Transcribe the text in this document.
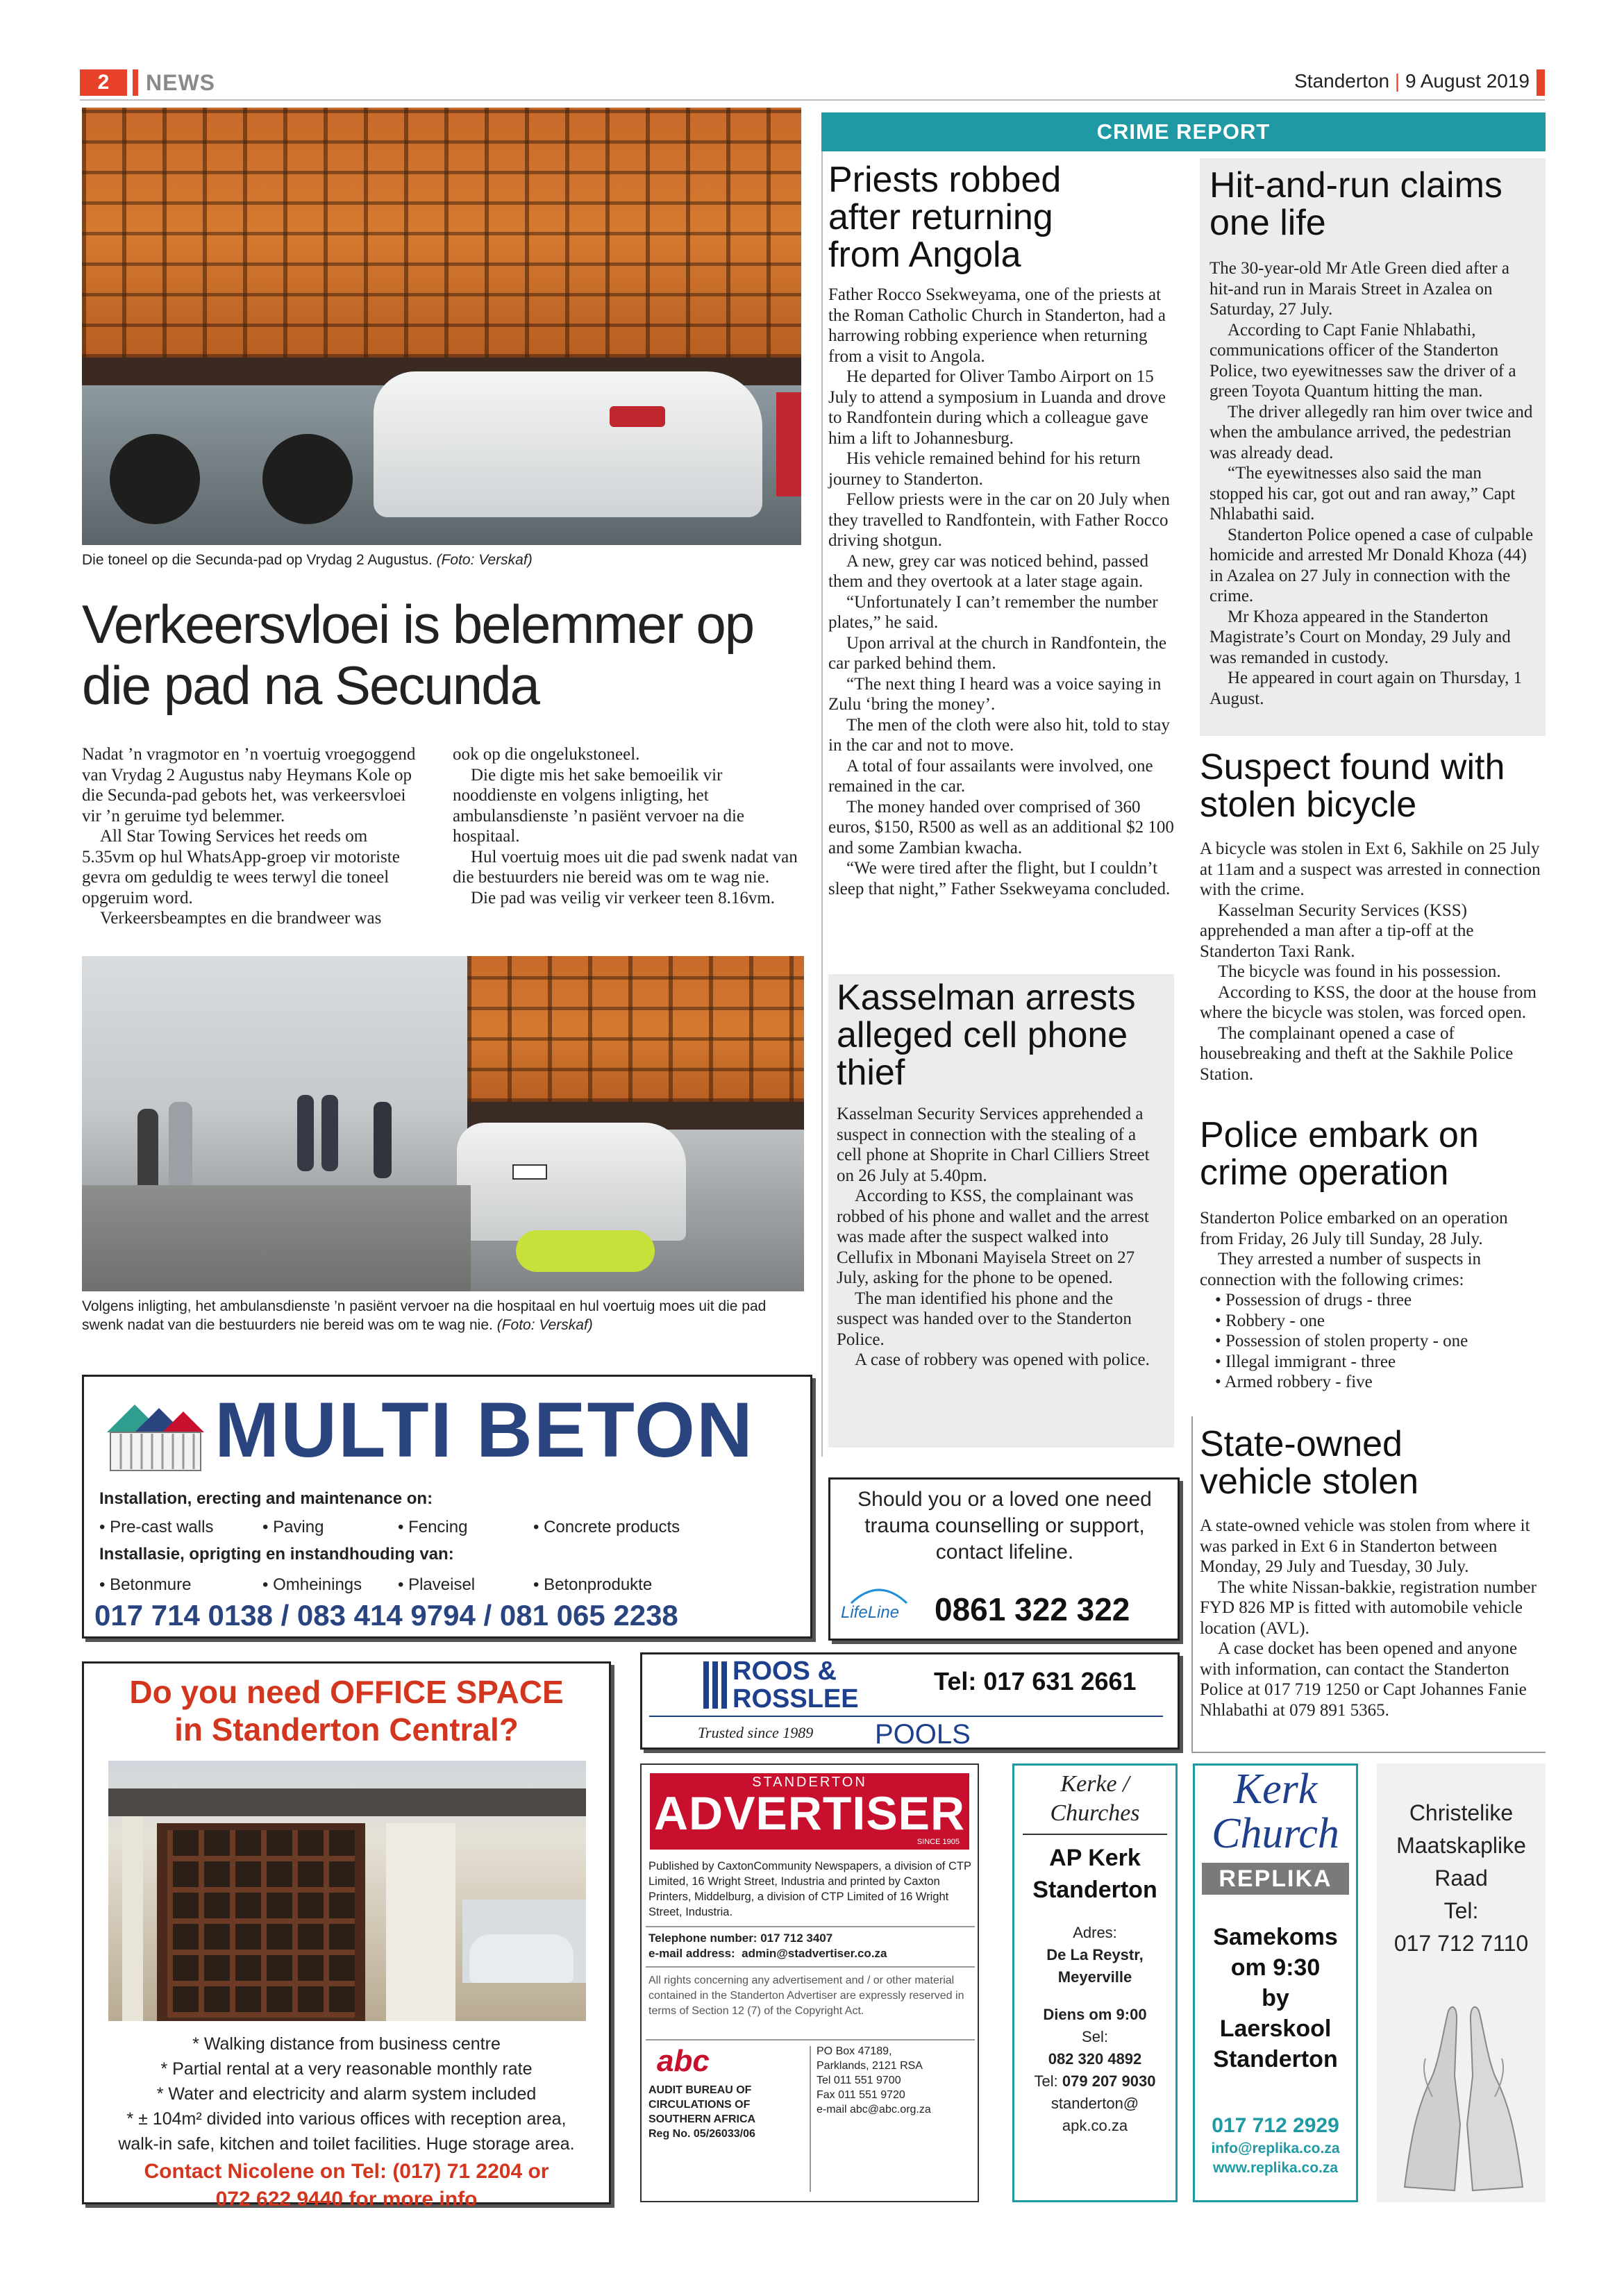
2	NEWS	Standerton | 9 August 2019
Die toneel op die Secunda-pad op Vrydag 2 Augustus. (Foto: Verskaf)
Verkeersvloei is belemmer op
die pad na Secunda

Nadat ’n vragmotor en ’n voertuig vroegoggend van Vrydag 2 Augustus naby Heymans Kole op die Secunda-pad gebots het, was verkeersvloei vir ’n geruime tyd belemmer.

All Star Towing Services het reeds om 5.35vm op hul WhatsApp-groep vir motoriste gevra om geduldig te wees terwyl die toneel opgeruim word.

Verkeersbeamptes en die brandweer was

ook op die ongelukstoneel.

Die digte mis het sake bemoeilik vir nooddienste en volgens inligting, het ambulansdienste ’n pasiënt vervoer na die hospitaal.

Hul voertuig moes uit die pad swenk nadat van die bestuurders nie bereid was om te wag nie.

Die pad was veilig vir verkeer teen 8.16vm.

Volgens inligting, het ambulansdienste ’n pasiënt vervoer na die hospitaal en hul voertuig moes uit die pad swenk nadat van die bestuurders nie bereid was om te wag nie. (Foto: Verskaf)
CRIME REPORT
Priests robbed
after returning
from Angola

Father Rocco Ssekweyama, one of the priests at the Roman Catholic Church in Standerton, had a harrowing robbing experience when returning from a visit to Angola.

He departed for Oliver Tambo Airport on 15 July to attend a symposium in Luanda and drove to Randfontein during which a colleague gave him a lift to Johannesburg.

His vehicle remained behind for his return journey to Standerton.

Fellow priests were in the car on 20 July when they travelled to Randfontein, with Father Rocco driving shotgun.

A new, grey car was noticed behind, passed them and they overtook at a later stage again.

“Unfortunately I can’t remember the number plates,” he said.

Upon arrival at the church in Randfontein, the car parked behind them.

“The next thing I heard was a voice saying in Zulu ‘bring the money’.

The men of the cloth were also hit, told to stay in the car and not to move.

A total of four assailants were involved, one remained in the car.

The money handed over comprised of 360 euros, $150, R500 as well as an additional $2 100 and some Zambian kwacha.

“We were tired after the flight, but I couldn’t sleep that night,” Father Ssekweyama concluded.

Hit-and-run claims
one life

The 30-year-old Mr Atle Green died after a hit-and run in Marais Street in Azalea on Saturday, 27 July.

According to Capt Fanie Nhlabathi, communications officer of the Standerton Police, two eyewitnesses saw the driver of a green Toyota Quantum hitting the man.

The driver allegedly ran him over twice and when the ambulance arrived, the pedestrian was already dead.

“The eyewitnesses also said the man stopped his car, got out and ran away,” Capt Nhlabathi said.

Standerton Police opened a case of culpable homicide and arrested Mr Donald Khoza (44) in Azalea on 27 July in connection with the crime.

Mr Khoza appeared in the Standerton Magistrate’s Court on Monday, 29 July and was remanded in custody.

He appeared in court again on Thursday, 1 August.

Suspect found with
stolen bicycle

A bicycle was stolen in Ext 6, Sakhile on 25 July at 11am and a suspect was arrested in connection with the crime.

Kasselman Security Services (KSS) apprehended a man after a tip-off at the Standerton Taxi Rank.

The bicycle was found in his possession.

According to KSS, the door at the house from where the bicycle was stolen, was forced open.

The complainant opened a case of housebreaking and theft at the Sakhile Police Station.

Kasselman arrests
alleged cell phone
thief

Kasselman Security Services apprehended a suspect in connection with the stealing of a cell phone at Shoprite in Charl Cilliers Street on 26 July at 5.40pm.

According to KSS, the complainant was robbed of his phone and wallet and the arrest was made after the suspect walked into Cellufix in Mbonani Mayisela Street on 27 July, asking for the phone to be opened.

The man identified his phone and the suspect was handed over to the Standerton Police.

A case of robbery was opened with police.

Police embark on
crime operation

Standerton Police embarked on an operation from Friday, 26 July till Sunday, 28 July.

They arrested a number of suspects in connection with the following crimes:

• Possession of drugs - three
• Robbery - one
• Possession of stolen property - one
• Illegal immigrant - three
• Armed robbery - five
State-owned
vehicle stolen

A state-owned vehicle was stolen from where it was parked in Ext 6 in Standerton between Monday, 29 July and Tuesday, 30 July.

The white Nissan-bakkie, registration number FYD 826 MP is fitted with automobile vehicle location (AVL).

A case docket has been opened and anyone with information, can contact the Standerton Police at 017 719 1250 or Capt Johannes Fanie Nhlabathi at 079 891 5365.

MULTI BETON
Installation, erecting and maintenance on:
• Pre-cast walls	• Paving	• Fencing	• Concrete products
Installasie, oprigting en instandhouding van:
• Betonmure	• Omheinings • Plaveisel	• Betonprodukte
017 714 0138 / 083 414 9794 / 081 065 2238
Should you or a loved one need trauma counselling or support, contact lifeline.
LifeLine 0861 322 322
Do you need OFFICE SPACE
in Standerton Central?
* Walking distance from business centre
* Partial rental at a very reasonable monthly rate
* Water and electricity and alarm system included
* ± 104m² divided into various offices with reception area,
walk-in safe, kitchen and toilet facilities. Huge storage area.
Contact Nicolene on Tel: (017) 71 2204 or
072 622 9440 for more info
ROOS &
ROSSLEE
Trusted since 1989
Tel: 017 631 2661
POOLS
STANDERTON
ADVERTISER
SINCE 1905
Published by CaxtonCommunity Newspapers, a division of CTP Limited, 16 Wright Street, Industria and printed by Caxton Printers, Middelburg, a division of CTP Limited of 16 Wright Street, Industria.
Telephone number: 017 712 3407
e-mail address:  admin@stadvertiser.co.za
All rights concerning any advertisement and / or other material contained in the Standerton Advertiser are expressly reserved in terms of Section 12 (7) of the Copyright Act.
abc
AUDIT BUREAU OF
CIRCULATIONS OF
SOUTHERN AFRICA
Reg No. 05/26033/06
PO Box 47189,
Parklands, 2121 RSA
Tel 011 551 9700
Fax 011 551 9720
e-mail abc@abc.org.za
Kerke /
Churches
AP Kerk
Standerton
Adres:
De La Reystr,
Meyerville
Diens om 9:00
Sel:
082 320 4892
Tel: 079 207 9030
standerton@
apk.co.za
Kerk
Church
REPLIKA
Samekoms
om 9:30
by
Laerskool
Standerton
017 712 2929
info@replika.co.za
www.replika.co.za
Christelike
Maatskaplike
Raad
Tel:
017 712 7110
